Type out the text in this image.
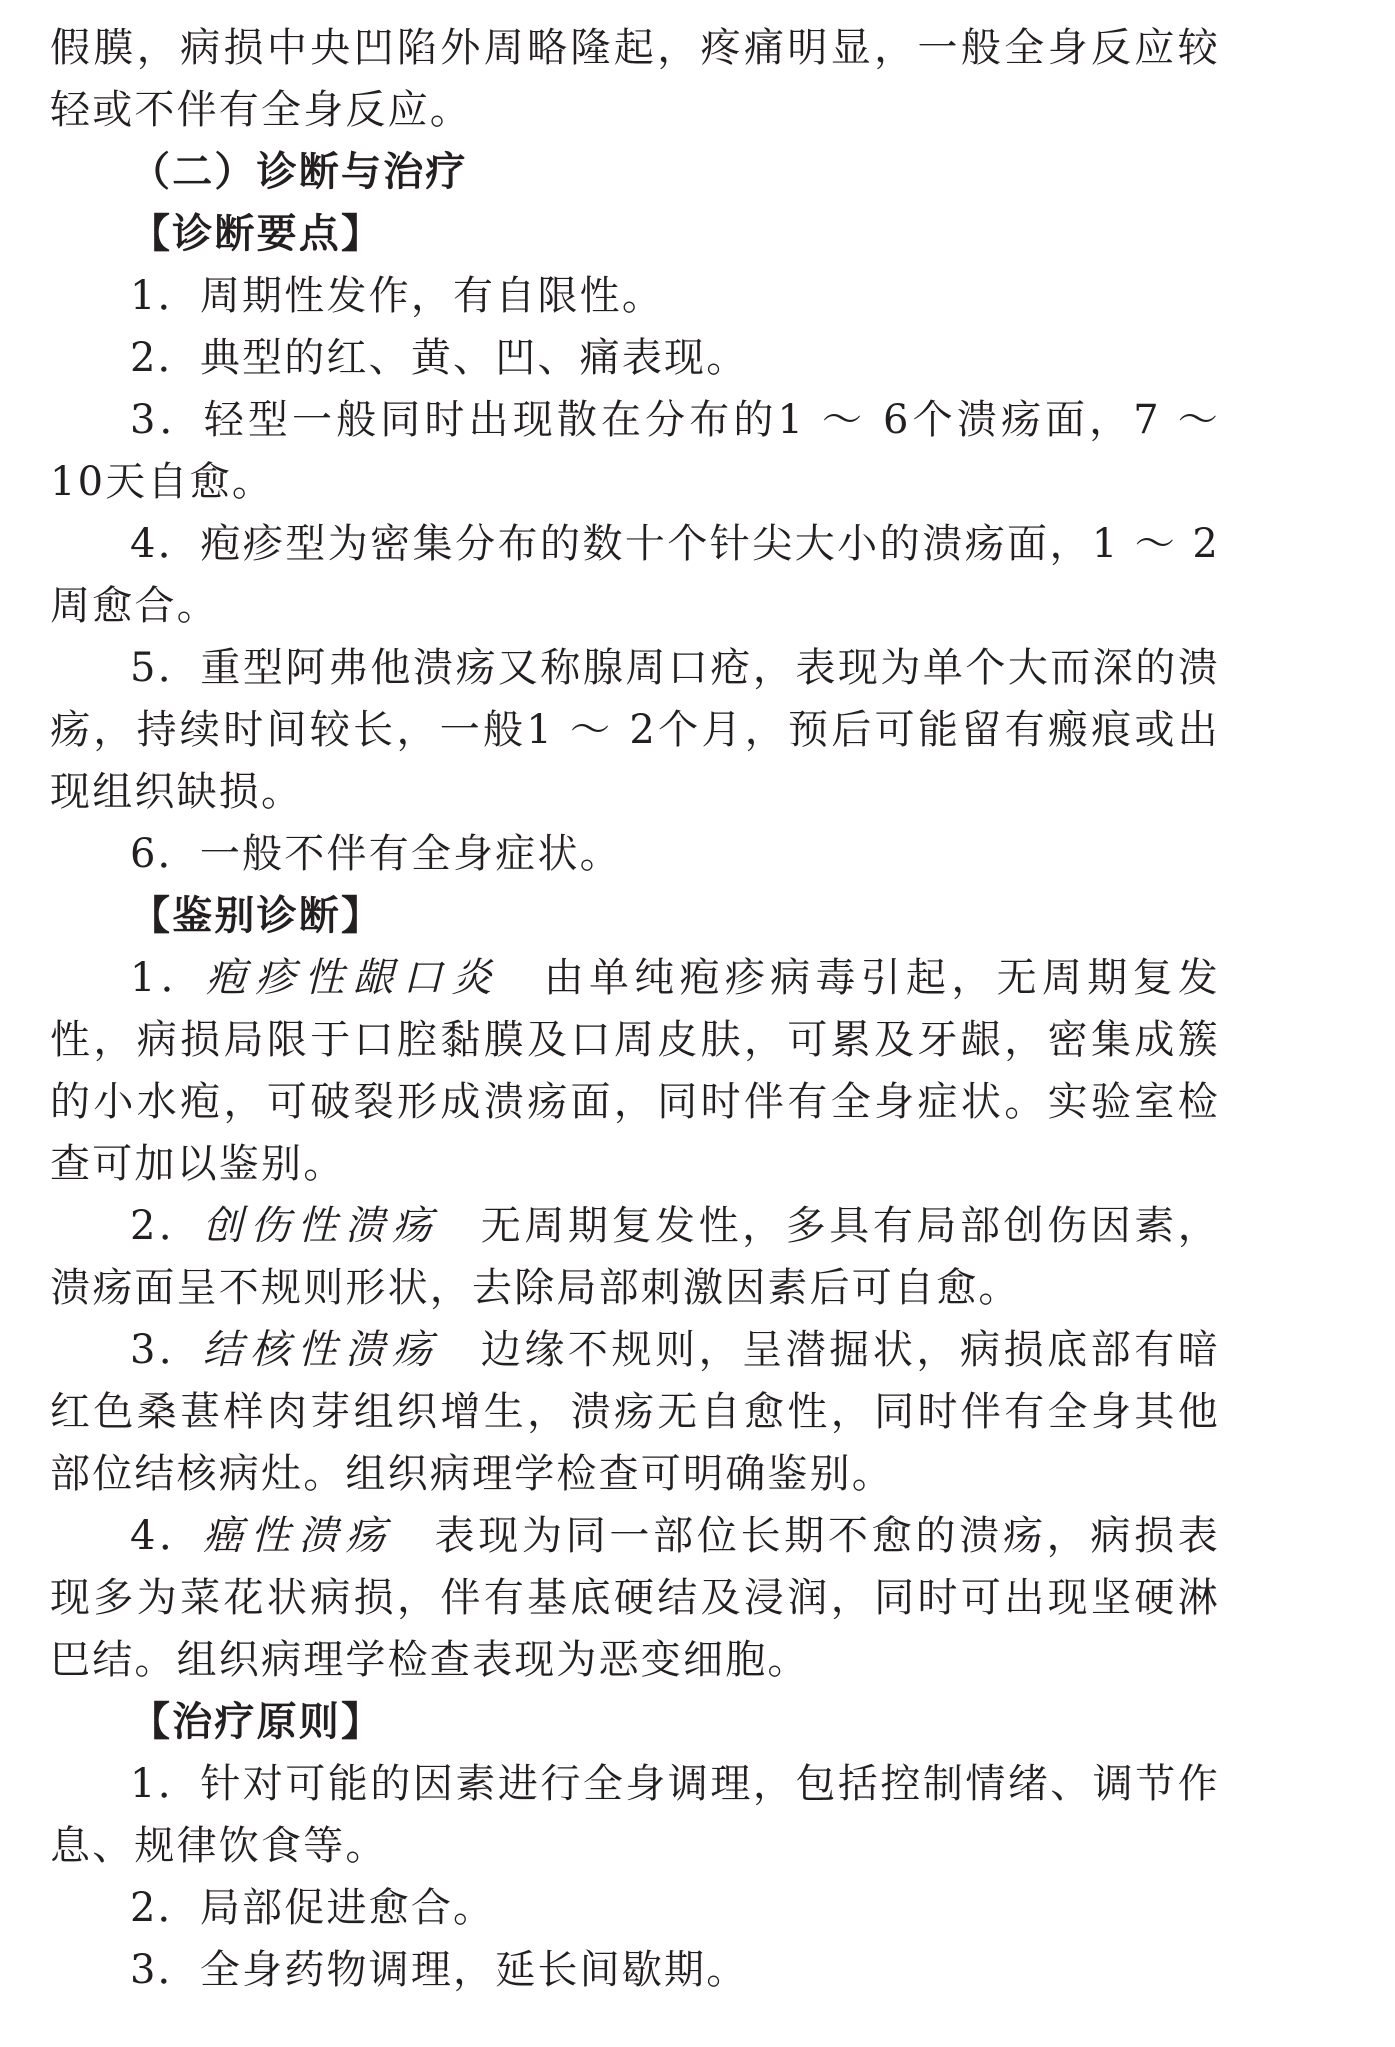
假膜，病损中央凹陷外周略隆起，疼痛明显，一般全身反应较轻或不伴有全身反应。

（二）诊断与治疗

【诊断要点】

1．周期性发作，有自限性。

2．典型的红、黄、凹、痛表现。

3．轻型一般同时出现散在分布的1 ～ 6个溃疡面，7 ～ 10天自愈。

4．疱疹型为密集分布的数十个针尖大小的溃疡面，1 ～ 2周愈合。

5．重型阿弗他溃疡又称腺周口疮，表现为单个大而深的溃疡，持续时间较长，一般1 ～ 2个月，预后可能留有瘢痕或出现组织缺损。

6．一般不伴有全身症状。

【鉴别诊断】

1．疱疹性龈口炎 由单纯疱疹病毒引起，无周期复发性，病损局限于口腔黏膜及口周皮肤，可累及牙龈，密集成簇的小水疱，可破裂形成溃疡面，同时伴有全身症状。实验室检查可加以鉴别。

2．创伤性溃疡 无周期复发性，多具有局部创伤因素，溃疡面呈不规则形状，去除局部刺激因素后可自愈。

3．结核性溃疡 边缘不规则，呈潜掘状，病损底部有暗红色桑葚样肉芽组织增生，溃疡无自愈性，同时伴有全身其他部位结核病灶。组织病理学检查可明确鉴别。

4．癌性溃疡 表现为同一部位长期不愈的溃疡，病损表现多为菜花状病损，伴有基底硬结及浸润，同时可出现坚硬淋巴结。组织病理学检查表现为恶变细胞。

【治疗原则】

1．针对可能的因素进行全身调理，包括控制情绪、调节作息、规律饮食等。

2．局部促进愈合。

3．全身药物调理，延长间歇期。
